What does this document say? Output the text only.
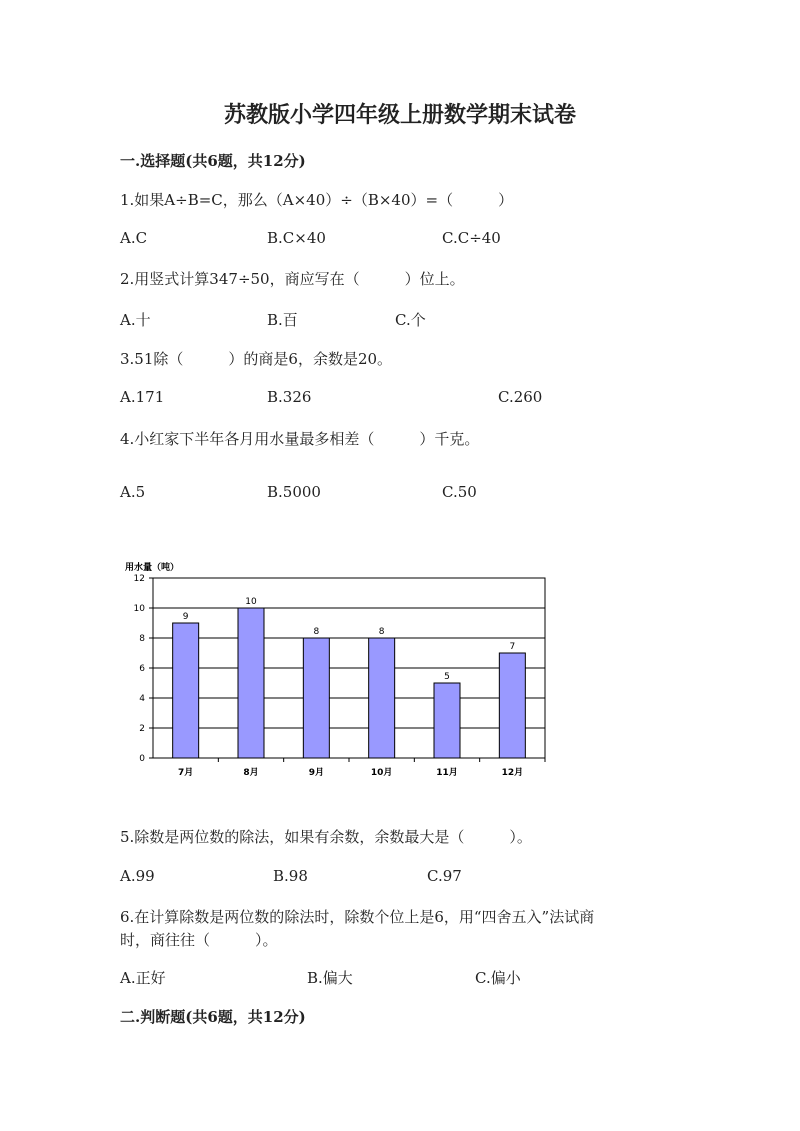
苏教版小学四年级上册数学期末试卷
一.选择题(共6题，共12分)
1.如果A÷B=C，那么（A×40）÷（B×40）=（　　　）
A.C	B.C×40	C.C÷40
2.用竖式计算347÷50，商应写在（　　　）位上。
A.十	B.百	C.个
3.51除（　　　）的商是6，余数是20。
A.171	B.326	C.260
4.小红家下半年各月用水量最多相差（　　　）千克。
A.5	B.5000	C.50
用水量（吨）
0
2
4
6
8
10
12
9
7月
10
8月
8
9月
8
10月
5
11月
7
12月
5.除数是两位数的除法，如果有余数，余数最大是（　　　）。
A.99	B.98	C.97
6.在计算除数是两位数的除法时，除数个位上是6，用“四舍五入”法试商
时，商往往（　　　）。
A.正好	B.偏大	C.偏小
二.判断题(共6题，共12分)
